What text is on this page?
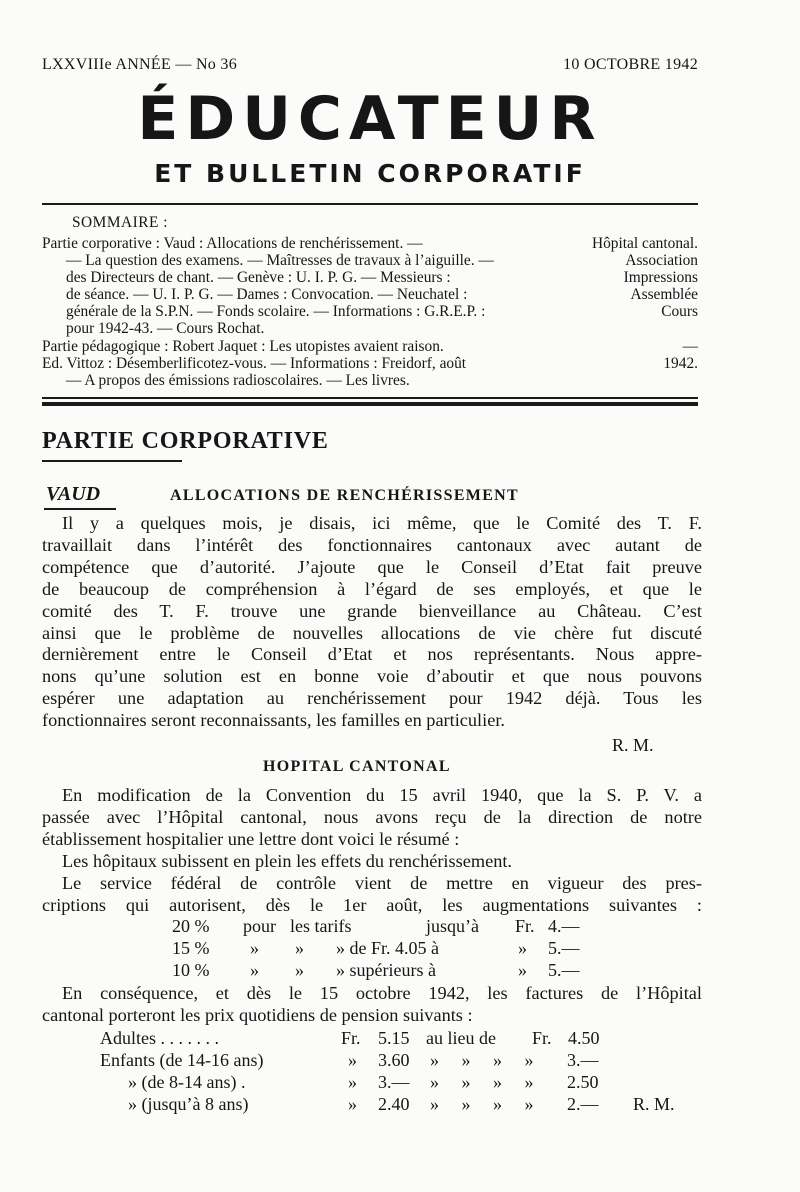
LXXVIIIe ANNÉE — No 36	10 OCTOBRE 1942
ÉDUCATEUR
ET BULLETIN CORPORATIF
SOMMAIRE :
Partie corporative : Vaud : Allocations de renchérissement. —	Hôpital cantonal.
— La question des examens. — Maîtresses de travaux à l’aiguille. —	Association
des Directeurs de chant. — Genève : U. I. P. G. — Messieurs :	Impressions
de séance. — U. I. P. G. — Dames : Convocation. — Neuchatel :	Assemblée
générale de la S.P.N. — Fonds scolaire. — Informations : G.R.E.P. :	Cours
pour 1942-43. — Cours Rochat.
Partie pédagogique : Robert Jaquet : Les utopistes avaient raison.	—
Ed. Vittoz : Désemberlificotez-vous. — Informations : Freidorf, août	1942.
— A propos des émissions radioscolaires. — Les livres.
PARTIE CORPORATIVE
VAUD	ALLOCATIONS DE RENCHÉRISSEMENT
Il y a quelques mois, je disais, ici même, que le Comité des T. F.
travaillait dans l’intérêt des fonctionnaires cantonaux avec autant de
compétence que d’autorité. J’ajoute que le Conseil d’Etat fait preuve
de beaucoup de compréhension à l’égard de ses employés, et que le
comité des T. F. trouve une grande bienveillance au Château. C’est
ainsi que le problème de nouvelles allocations de vie chère fut discuté
dernièrement entre le Conseil d’Etat et nos représentants. Nous appre-
nons qu’une solution est en bonne voie d’aboutir et que nous pouvons
espérer une adaptation au renchérissement pour 1942 déjà. Tous les
fonctionnaires seront reconnaissants, les familles en particulier.
R. M.
HOPITAL CANTONAL
En modification de la Convention du 15 avril 1940, que la S. P. V. a
passée avec l’Hôpital cantonal, nous avons reçu de la direction de notre
établissement hospitalier une lettre dont voici le résumé :
Les hôpitaux subissent en plein les effets du renchérissement.
Le service fédéral de contrôle vient de mettre en vigueur des pres-
criptions qui autorisent, dès le 1er août, les augmentations suivantes :
20 % pour les tarifs	jusqu’à Fr. 4.—
15 % » » » de Fr. 4.05 à	» 5.—
10 % » » » supérieurs à	» 5.—
En conséquence, et dès le 15 octobre 1942, les factures de l’Hôpital
cantonal porteront les prix quotidiens de pension suivants :
Adultes . . . . . . .	Fr. 5.15 au lieu de Fr. 4.50
Enfants (de 14-16 ans)	» 3.60 » » » » 3.—
» (de 8-14 ans) .	» 3.— » » » » 2.50
» (jusqu’à 8 ans)	» 2.40 » » » » 2.— R. M.
